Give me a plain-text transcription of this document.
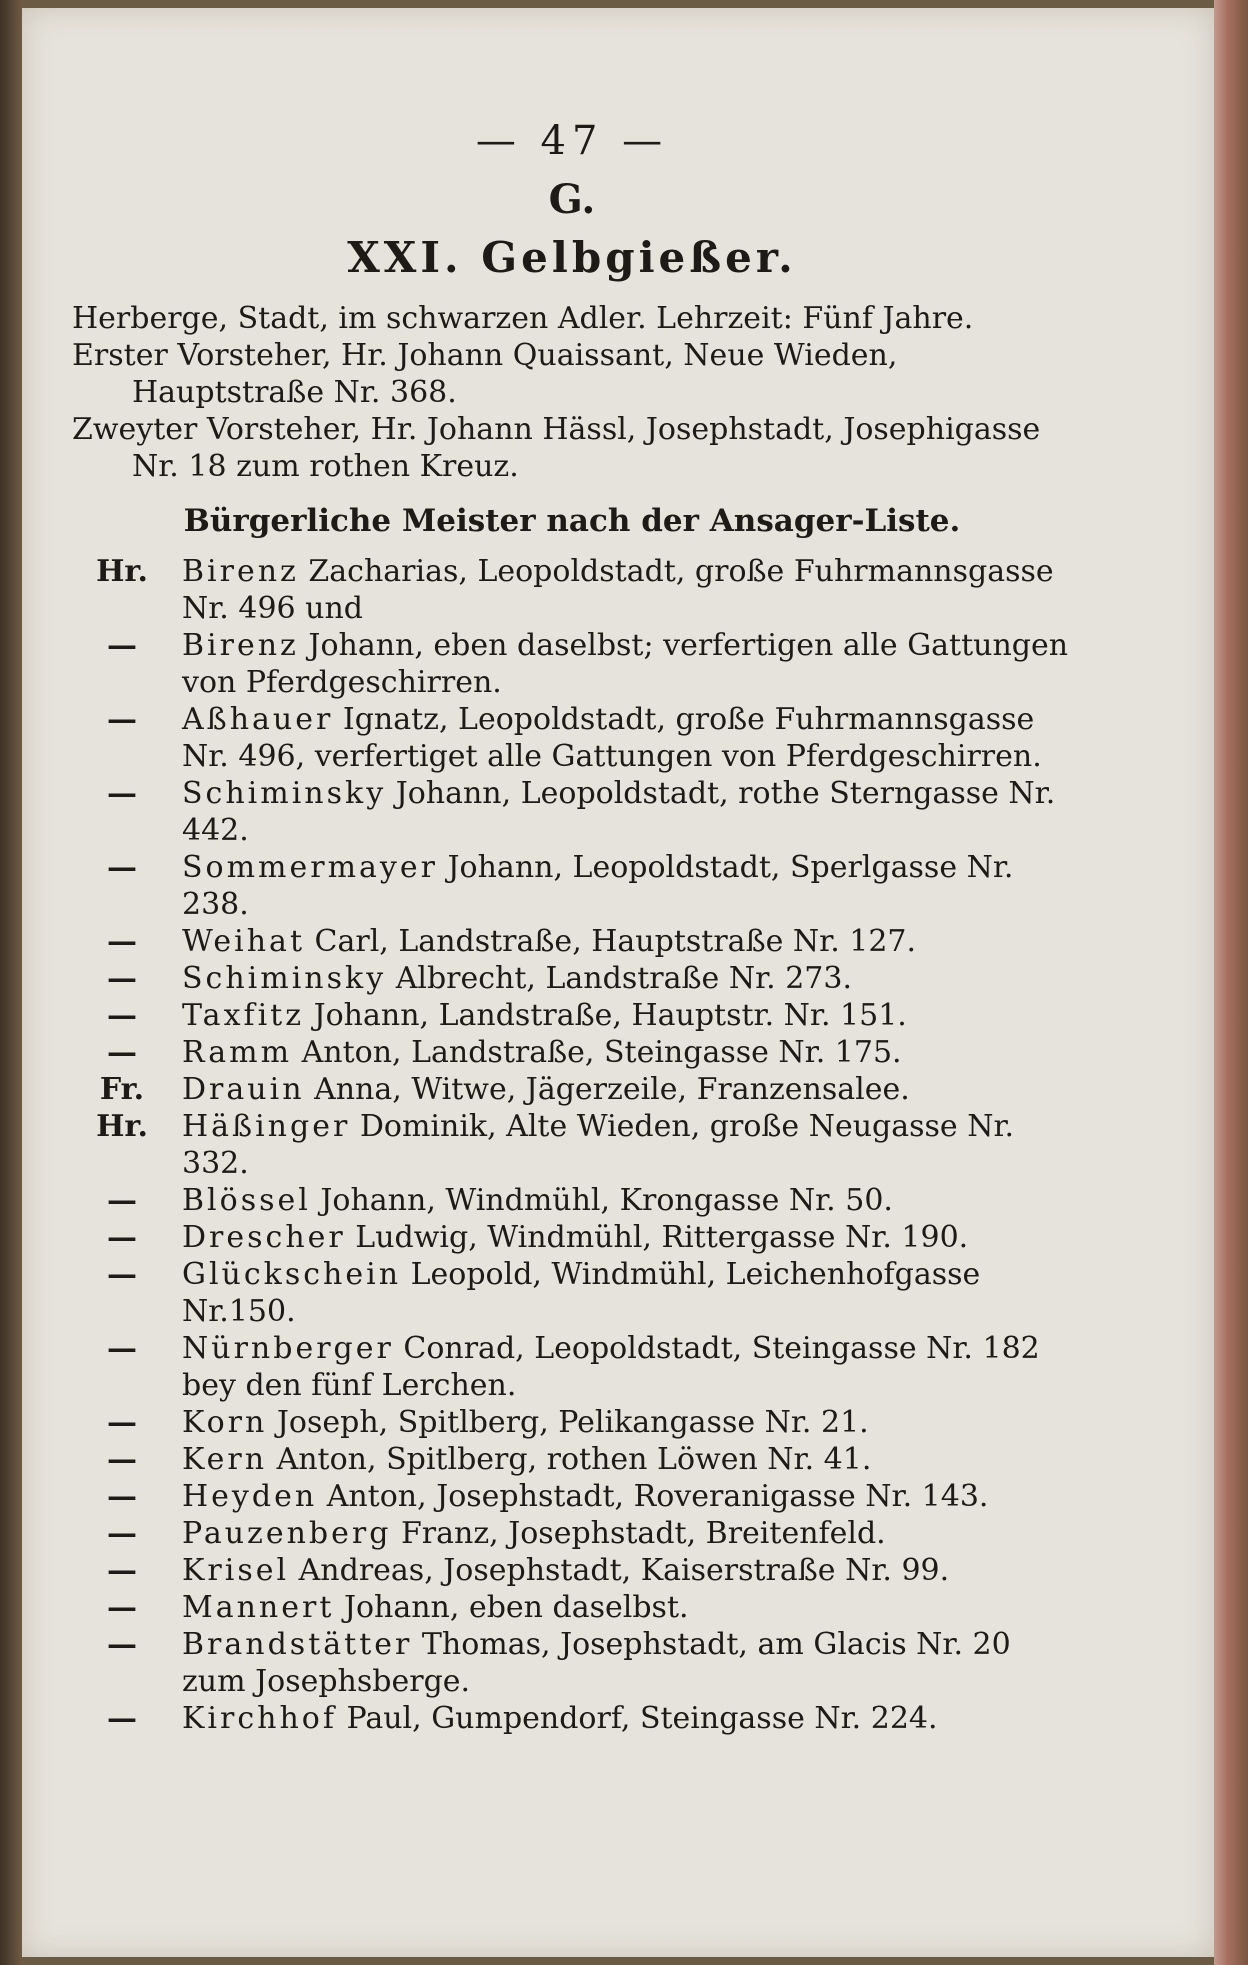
— 47 —
G.
XXI. Gelbgießer.

Herberge, Stadt, im schwarzen Adler. Lehrzeit: Fünf Jahre.

Erster Vorsteher, Hr. Johann Quaissant, Neue Wieden, Hauptstraße Nr. 368.

Zweyter Vorsteher, Hr. Johann Hässl, Josephstadt, Josephigasse Nr. 18 zum rothen Kreuz.

Bürgerliche Meister nach der Ansager-Liste.

Hr.	Birenz Zacharias, Leopoldstadt, große Fuhrmannsgasse Nr. 496 und

—	Birenz Johann, eben daselbst; verfertigen alle Gattungen von Pferdgeschirren.

—	Aßhauer Ignatz, Leopoldstadt, große Fuhrmannsgasse Nr. 496, verfertiget alle Gattungen von Pferdgeschirren.

—	Schiminsky Johann, Leopoldstadt, rothe Sterngasse Nr. 442.

—	Sommermayer Johann, Leopoldstadt, Sperlgasse Nr. 238.

—	Weihat Carl, Landstraße, Hauptstraße Nr. 127.

—	Schiminsky Albrecht, Landstraße Nr. 273.

—	Taxfitz Johann, Landstraße, Hauptstr. Nr. 151.

—	Ramm Anton, Landstraße, Steingasse Nr. 175.

Fr.	Drauin Anna, Witwe, Jägerzeile, Franzensalee.

Hr.	Häßinger Dominik, Alte Wieden, große Neugasse Nr. 332.

—	Blössel Johann, Windmühl, Krongasse Nr. 50.

—	Drescher Ludwig, Windmühl, Rittergasse Nr. 190.

—	Glückschein Leopold, Windmühl, Leichenhofgasse Nr.150.

—	Nürnberger Conrad, Leopoldstadt, Steingasse Nr. 182 bey den fünf Lerchen.

—	Korn Joseph, Spitlberg, Pelikangasse Nr. 21.

—	Kern Anton, Spitlberg, rothen Löwen Nr. 41.

—	Heyden Anton, Josephstadt, Roveranigasse Nr. 143.

—	Pauzenberg Franz, Josephstadt, Breitenfeld.

—	Krisel Andreas, Josephstadt, Kaiserstraße Nr. 99.

—	Mannert Johann, eben daselbst.

—	Brandstätter Thomas, Josephstadt, am Glacis Nr. 20 zum Josephsberge.

—	Kirchhof Paul, Gumpendorf, Steingasse Nr. 224.
